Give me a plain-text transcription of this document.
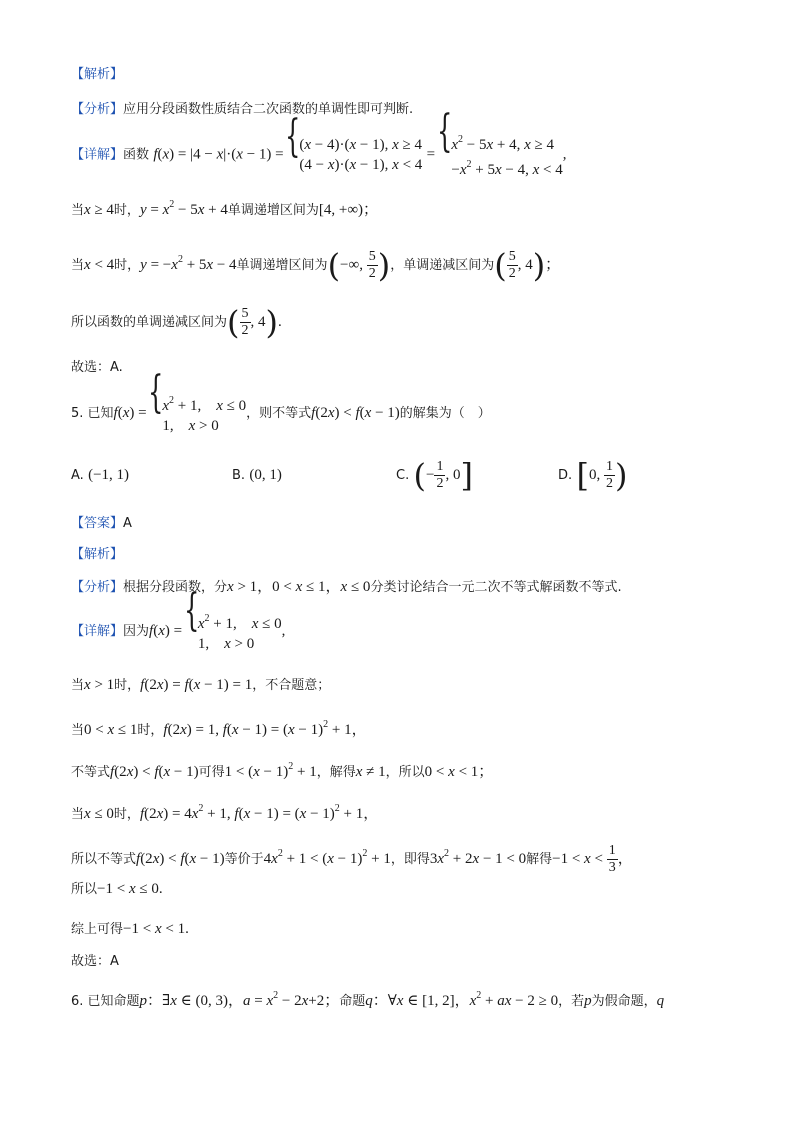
【解析】
【分析】应用分段函数性质结合二次函数的单调性即可判断.
【详解】函数 f(x) = |4 − x|·(x − 1) =
{ (x − 4)·(x − 1), x ≥ 4
(4 − x)·(x − 1), x < 4
=
{ $x^2 - 5x + 4$, x ≥ 4
$-x^2 + 5x - 4$, x < 4
,
当x ≥ 4时，$y = x^2 - 5x + 4$单调递增区间为[4, +∞)；
当x < 4时，$y = -x^2 + 5x - 4$单调递增区间为(−∞, $\frac{5}{2}$ )，单调递减区间为( $\frac{5}{2}$ , 4)；
所以函数的单调递减区间为( $\frac{5}{2}$ , 4).
故选：A.
5. 已知f(x) = { $x^2 + 1$,　x ≤ 0
1,　x > 0
，则不等式f(2x) < f(x − 1)的解集为（　）
A. (−1, 1)	B. (0, 1)	C. (− $\frac{1}{2}$ , 0]	D. [0, $\frac{1}{2}$ )
【答案】A
【解析】
【分析】根据分段函数，分x > 1，0 < x ≤ 1，x ≤ 0分类讨论结合一元二次不等式解函数不等式.
【详解】因为f(x) = { $x^2 + 1$,　x ≤ 0
1,　x > 0
,
当x > 1时，f(2x) = f(x − 1) = 1，不合题意；
当0 < x ≤ 1时，f(2x) = 1, $f(x - 1) = (x - 1)^2 + 1$，
不等式f(2x) < f(x − 1)可得$1 < (x - 1)^2 + 1$，解得x ≠ 1，所以0 < x < 1；
当x ≤ 0时，$f(2x) = 4x^2 + 1$, $f(x - 1) = (x - 1)^2 + 1$，
所以不等式f(2x) < f(x − 1)等价于$4x^2 + 1 < (x - 1)^2 + 1$，即得$3x^2 + 2x - 1 < 0$解得$-1 < x < \frac{1}{3}$ ，
所以−1 < x ≤ 0.
综上可得−1 < x < 1.
故选：A
6. 已知命题p：∃x ∈ (0, 3)，$a = x^2 - 2x+2$；命题q：∀x ∈ [1, 2]，$x^2$ + ax − 2 ≥ 0，若p为假命题，q
